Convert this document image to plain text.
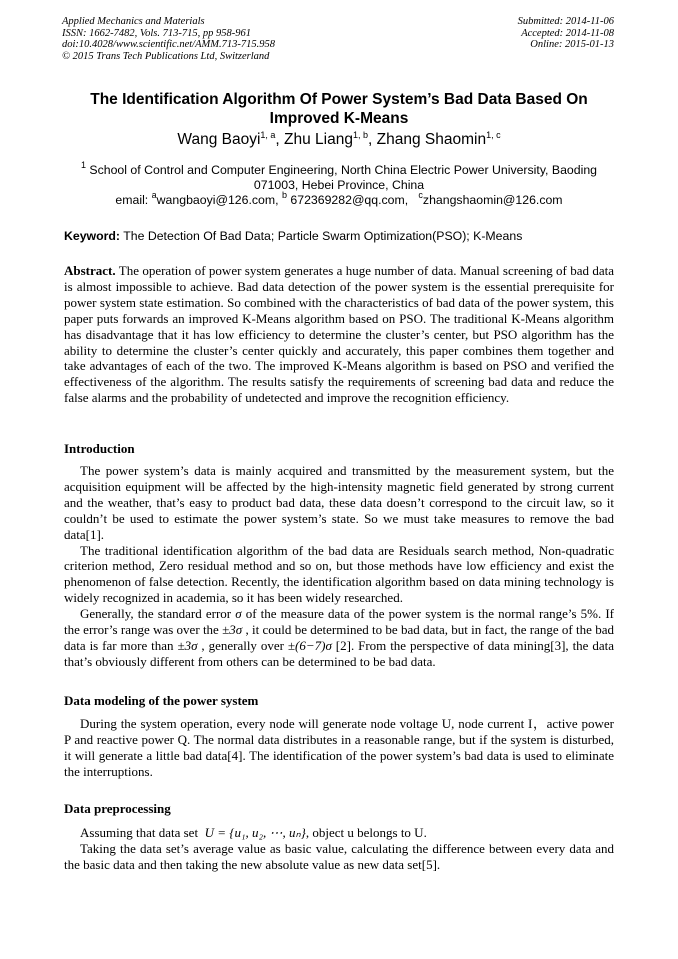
Applied Mechanics and Materials
ISSN: 1662-7482, Vols. 713-715, pp 958-961
doi:10.4028/www.scientific.net/AMM.713-715.958
© 2015 Trans Tech Publications Ltd, Switzerland
Submitted: 2014-11-06
Accepted: 2014-11-08
Online: 2015-01-13
The Identification Algorithm Of Power System’s Bad Data Based On Improved K-Means
Wang Baoyi$^{1, a}$, Zhu Liang$^{1, b}$, Zhang Shaomin$^{1, c}$
$^1$ School of Control and Computer Engineering, North China Electric Power University, Baoding
071003, Hebei Province, China
email: $^a$wangbaoyi@126.com, $^b$ 672369282@qq.com, $^c$zhangshaomin@126.com
Keyword: The Detection Of Bad Data; Particle Swarm Optimization(PSO); K-Means

Abstract. The operation of power system generates a huge number of data. Manual screening of bad data is almost impossible to achieve. Bad data detection of the power system is the essential prerequisite for power system state estimation. So combined with the characteristics of bad data of the power system, this paper puts forwards an improved K-Means algorithm based on PSO. The traditional K-Means algorithm has disadvantage that it has low efficiency to determine the cluster’s center, but PSO algorithm has the ability to determine the cluster’s center quickly and accurately, this paper combines them together and take advantages of each of the two. The improved K-Means algorithm is based on PSO and verified the effectiveness of the algorithm. The results satisfy the requirements of screening bad data and reduce the false alarms and the probability of undetected and improve the recognition efficiency.

Introduction

The power system’s data is mainly acquired and transmitted by the measurement system, but the acquisition equipment will be affected by the high-intensity magnetic field generated by strong current and the weather, that’s easy to product bad data, these data doesn’t correspond to the circuit law, so it couldn’t be used to estimate the power system’s state. So we must take measures to remove the bad data[1].

The traditional identification algorithm of the bad data are Residuals search method, Non-quadratic criterion method, Zero residual method and so on, but those methods have low efficiency and exist the phenomenon of false detection. Recently, the identification algorithm based on data mining technology is widely recognized in academia, so it has been widely researched.

Generally, the standard error σ of the measure data of the power system is the normal range’s 5%. If the error’s range was over the ±3σ , it could be determined to be bad data, but in fact, the range of the bad data is far more than ±3σ , generally over ±(6−7)σ [2]. From the perspective of data mining[3], the data that’s obviously different from others can be determined to be bad data.

Data modeling of the power system

During the system operation, every node will generate node voltage U, node current I，active power P and reactive power Q. The normal data distributes in a reasonable range, but if the system is disturbed, it will generate a little bad data[4]. The identification of the power system’s bad data is used to eliminate the interruptions.

Data preprocessing

Assuming that data set U = {u₁, u₂, ⋯, uₙ}, object u belongs to U.

Taking the data set’s average value as basic value, calculating the difference between every data and the basic data and then taking the new absolute value as new data set[5].
